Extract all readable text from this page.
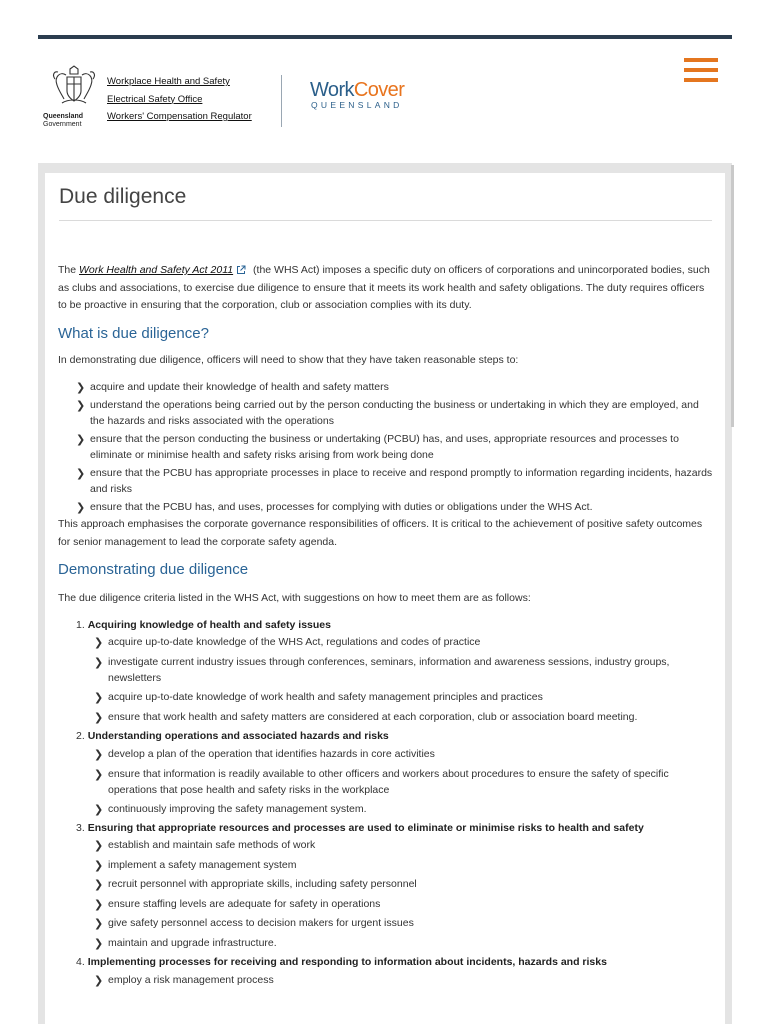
Queensland
Government
Workplace Health and Safety
Electrical Safety Office
Workers' Compensation Regulator
WorkCover
QUEENSLAND
Due diligence

The Work Health and Safety Act 2011 (the WHS Act) imposes a specific duty on officers of corporations and unincorporated bodies, such as clubs and associations, to exercise due diligence to ensure that it meets its work health and safety obligations. The duty requires officers to be proactive in ensuring that the corporation, club or association complies with its duty.

What is due diligence?

In demonstrating due diligence, officers will need to show that they have taken reasonable steps to:

❯ acquire and update their knowledge of health and safety matters
❯ understand the operations being carried out by the person conducting the business or undertaking in which they are employed, and the hazards and risks associated with the operations
❯ ensure that the person conducting the business or undertaking (PCBU) has, and uses, appropriate resources and processes to eliminate or minimise health and safety risks arising from work being done
❯ ensure that the PCBU has appropriate processes in place to receive and respond promptly to information regarding incidents, hazards and risks
❯ ensure that the PCBU has, and uses, processes for complying with duties or obligations under the WHS Act.

This approach emphasises the corporate governance responsibilities of officers. It is critical to the achievement of positive safety outcomes for senior management to lead the corporate safety agenda.

Demonstrating due diligence

The due diligence criteria listed in the WHS Act, with suggestions on how to meet them are as follows:

1. Acquiring knowledge of health and safety issues
❯ acquire up-to-date knowledge of the WHS Act, regulations and codes of practice
❯ investigate current industry issues through conferences, seminars, information and awareness sessions, industry groups, newsletters
❯ acquire up-to-date knowledge of work health and safety management principles and practices
❯ ensure that work health and safety matters are considered at each corporation, club or association board meeting.
2. Understanding operations and associated hazards and risks
❯ develop a plan of the operation that identifies hazards in core activities
❯ ensure that information is readily available to other officers and workers about procedures to ensure the safety of specific operations that pose health and safety risks in the workplace
❯ continuously improving the safety management system.
3. Ensuring that appropriate resources and processes are used to eliminate or minimise risks to health and safety
❯ establish and maintain safe methods of work
❯ implement a safety management system
❯ recruit personnel with appropriate skills, including safety personnel
❯ ensure staffing levels are adequate for safety in operations
❯ give safety personnel access to decision makers for urgent issues
❯ maintain and upgrade infrastructure.
4. Implementing processes for receiving and responding to information about incidents, hazards and risks
❯ employ a risk management process
